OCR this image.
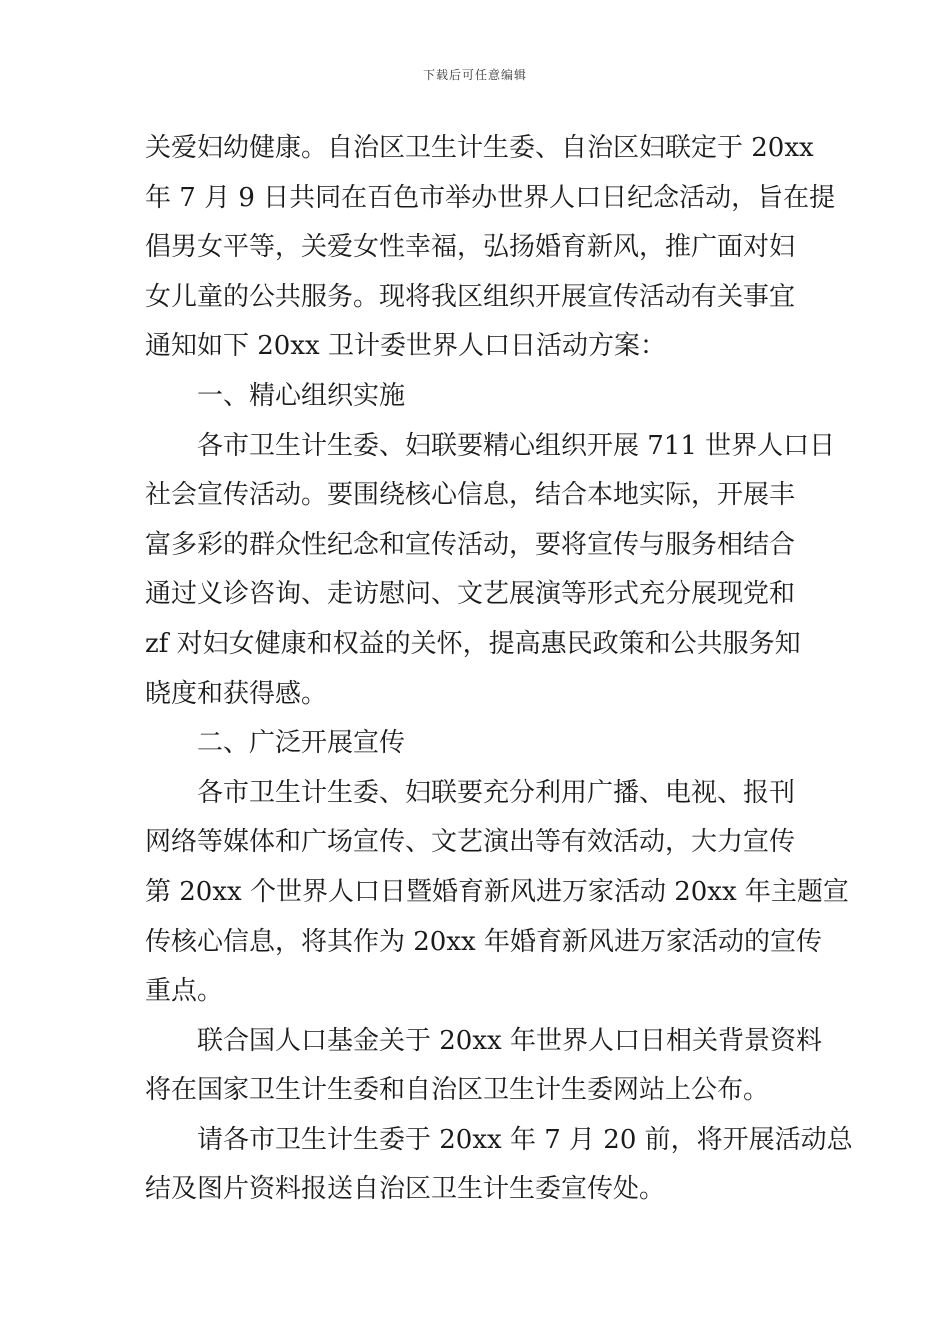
下载后可任意编辑
关爱妇幼健康。自治区卫生计生委、自治区妇联定于 20xx
年 7 月 9 日共同在百色市举办世界人口日纪念活动，旨在提
倡男女平等，关爱女性幸福，弘扬婚育新风，推广面对妇
女儿童的公共服务。现将我区组织开展宣传活动有关事宜
通知如下 20xx 卫计委世界人口日活动方案：
一、精心组织实施
各市卫生计生委、妇联要精心组织开展 711 世界人口日
社会宣传活动。要围绕核心信息，结合本地实际，开展丰
富多彩的群众性纪念和宣传活动，要将宣传与服务相结合
通过义诊咨询、走访慰问、文艺展演等形式充分展现党和
zf 对妇女健康和权益的关怀，提高惠民政策和公共服务知
晓度和获得感。
二、广泛开展宣传
各市卫生计生委、妇联要充分利用广播、电视、报刊
网络等媒体和广场宣传、文艺演出等有效活动，大力宣传
第 20xx 个世界人口日暨婚育新风进万家活动 20xx 年主题宣
传核心信息，将其作为 20xx 年婚育新风进万家活动的宣传
重点。
联合国人口基金关于 20xx 年世界人口日相关背景资料
将在国家卫生计生委和自治区卫生计生委网站上公布。
请各市卫生计生委于 20xx 年 7 月 20 前，将开展活动总
结及图片资料报送自治区卫生计生委宣传处。
